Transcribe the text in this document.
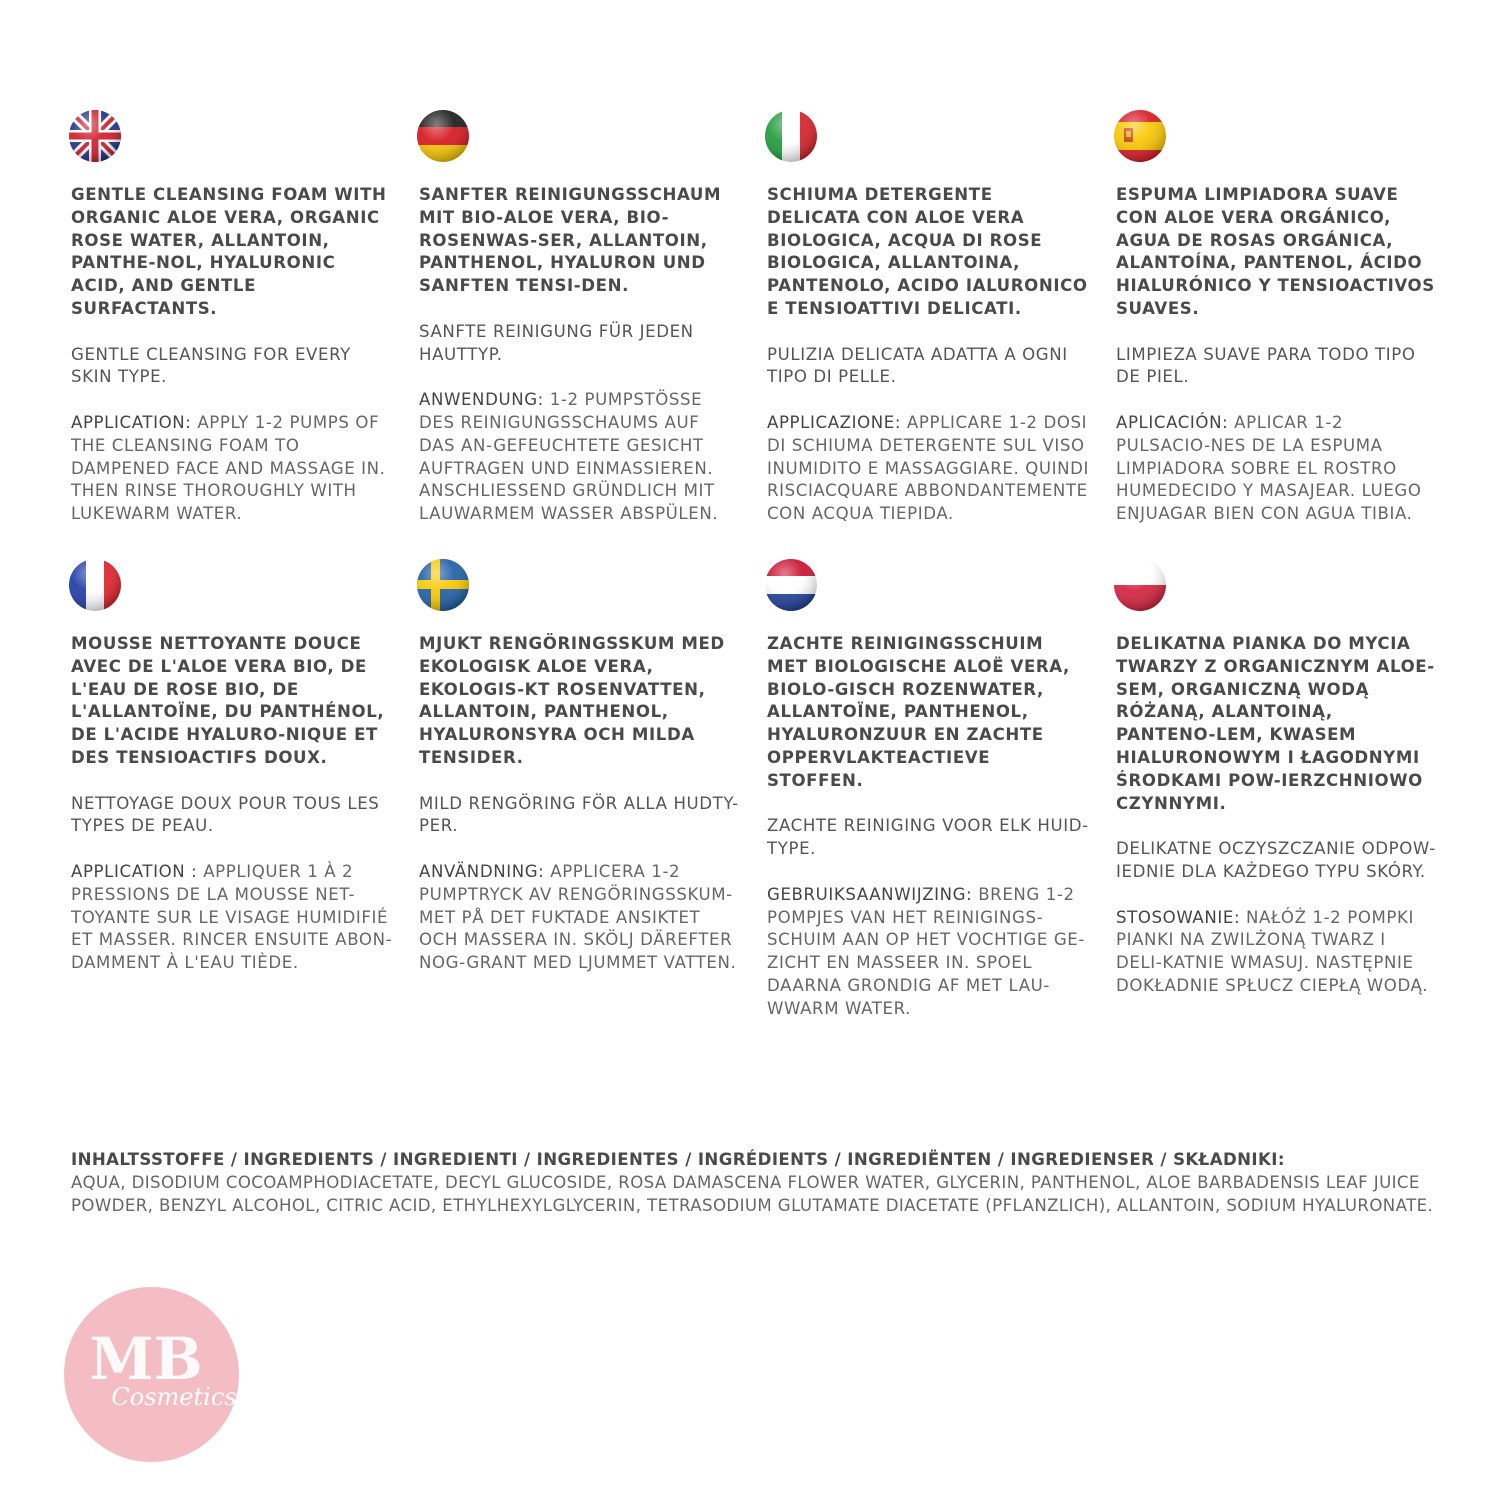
GENTLE CLEANSING FOAM WITH ORGANIC ALOE VERA, ORGANIC ROSE WATER, ALLANTOIN, PANTHE-NOL, HYALURONIC ACID, AND GENTLE SURFACTANTS.

GENTLE CLEANSING FOR EVERY SKIN TYPE.

APPLICATION: APPLY 1-2 PUMPS OF THE CLEANSING FOAM TO DAMPENED FACE AND MASSAGE IN. THEN RINSE THOROUGHLY WITH LUKEWARM WATER.

SANFTER REINIGUNGSSCHAUM MIT BIO-ALOE VERA, BIO-ROSENWAS-SER, ALLANTOIN, PANTHENOL, HYALURON UND SANFTEN TENSI-DEN.

SANFTE REINIGUNG FÜR JEDEN HAUTTYP.

ANWENDUNG: 1-2 PUMPSTÖSSE DES REINIGUNGSSCHAUMS AUF DAS AN-GEFEUCHTETE GESICHT AUFTRAGEN UND EINMASSIEREN. ANSCHLIESSEND GRÜNDLICH MIT LAUWARMEM WASSER ABSPÜLEN.

SCHIUMA DETERGENTE DELICATA CON ALOE VERA BIOLOGICA, ACQUA DI ROSE BIOLOGICA, ALLANTOINA, PANTENOLO, ACIDO IALURONICO E TENSIOATTIVI DELICATI.

PULIZIA DELICATA ADATTA A OGNI TIPO DI PELLE.

APPLICAZIONE: APPLICARE 1-2 DOSI DI SCHIUMA DETERGENTE SUL VISO INUMIDITO E MASSAGGIARE. QUINDI RISCIACQUARE ABBONDANTEMENTE CON ACQUA TIEPIDA.

ESPUMA LIMPIADORA SUAVE CON ALOE VERA ORGÁNICO, AGUA DE ROSAS ORGÁNICA, ALANTOÍNA, PANTENOL, ÁCIDO HIALURÓNICO Y TENSIOACTIVOS SUAVES.

LIMPIEZA SUAVE PARA TODO TIPO DE PIEL.

APLICACIÓN: APLICAR 1-2 PULSACIO-NES DE LA ESPUMA LIMPIADORA SOBRE EL ROSTRO HUMEDECIDO Y MASAJEAR. LUEGO ENJUAGAR BIEN CON AGUA TIBIA.

MOUSSE NETTOYANTE DOUCE AVEC DE L'ALOE VERA BIO, DE L'EAU DE ROSE BIO, DE L'ALLANTOÏNE, DU PANTHÉNOL, DE L'ACIDE HYALURO-NIQUE ET DES TENSIOACTIFS DOUX.

NETTOYAGE DOUX POUR TOUS LES TYPES DE PEAU.

APPLICATION : APPLIQUER 1 À 2 PRESSIONS DE LA MOUSSE NET-TOYANTE SUR LE VISAGE HUMIDIFIÉ ET MASSER. RINCER ENSUITE ABON-DAMMENT À L'EAU TIÈDE.

MJUKT RENGÖRINGSSKUM MED EKOLOGISK ALOE VERA, EKOLOGIS-KT ROSENVATTEN, ALLANTOIN, PANTHENOL, HYALURONSYRA OCH MILDA TENSIDER.

MILD RENGÖRING FÖR ALLA HUDTY-PER.

ANVÄNDNING: APPLICERA 1-2 PUMPTRYCK AV RENGÖRINGSSKUM-MET PÅ DET FUKTADE ANSIKTET OCH MASSERA IN. SKÖLJ DÄREFTER NOG-GRANT MED LJUMMET VATTEN.

ZACHTE REINIGINGSSCHUIM MET BIOLOGISCHE ALOË VERA, BIOLO-GISCH ROZENWATER, ALLANTOÏNE, PANTHENOL, HYALURONZUUR EN ZACHTE OPPERVLAKTEACTIEVE STOFFEN.

ZACHTE REINIGING VOOR ELK HUID-TYPE.

GEBRUIKSAANWIJZING: BRENG 1-2 POMPJES VAN HET REINIGINGS-SCHUIM AAN OP HET VOCHTIGE GE-ZICHT EN MASSEER IN. SPOEL DAARNA GRONDIG AF MET LAU-WWARM WATER.

DELIKATNA PIANKA DO MYCIA TWARZY Z ORGANICZNYM ALOE-SEM, ORGANICZNĄ WODĄ RÓŻANĄ, ALANTOINĄ, PANTENO-LEM, KWASEM HIALURONOWYM I ŁAGODNYMI ŚRODKAMI POW-IERZCHNIOWO CZYNNYMI.

DELIKATNE OCZYSZCZANIE ODPOW-IEDNIE DLA KAŻDEGO TYPU SKÓRY.

STOSOWANIE: NAŁÓŻ 1-2 POMPKI PIANKI NA ZWILŻONĄ TWARZ I DELI-KATNIE WMASUJ. NASTĘPNIE DOKŁADNIE SPŁUCZ CIEPŁĄ WODĄ.

INHALTSSTOFFE / INGREDIENTS / INGREDIENTI / INGREDIENTES / INGRÉDIENTS / INGREDIËNTEN / INGREDIENSER / SKŁADNIKI:
AQUA, DISODIUM COCOAMPHODIACETATE, DECYL GLUCOSIDE, ROSA DAMASCENA FLOWER WATER, GLYCERIN, PANTHENOL, ALOE BARBADENSIS LEAF JUICE POWDER, BENZYL ALCOHOL, CITRIC ACID, ETHYLHEXYLGLYCERIN, TETRASODIUM GLUTAMATE DIACETATE (PFLANZLICH), ALLANTOIN, SODIUM HYALURONATE.
MB
Cosmetics
